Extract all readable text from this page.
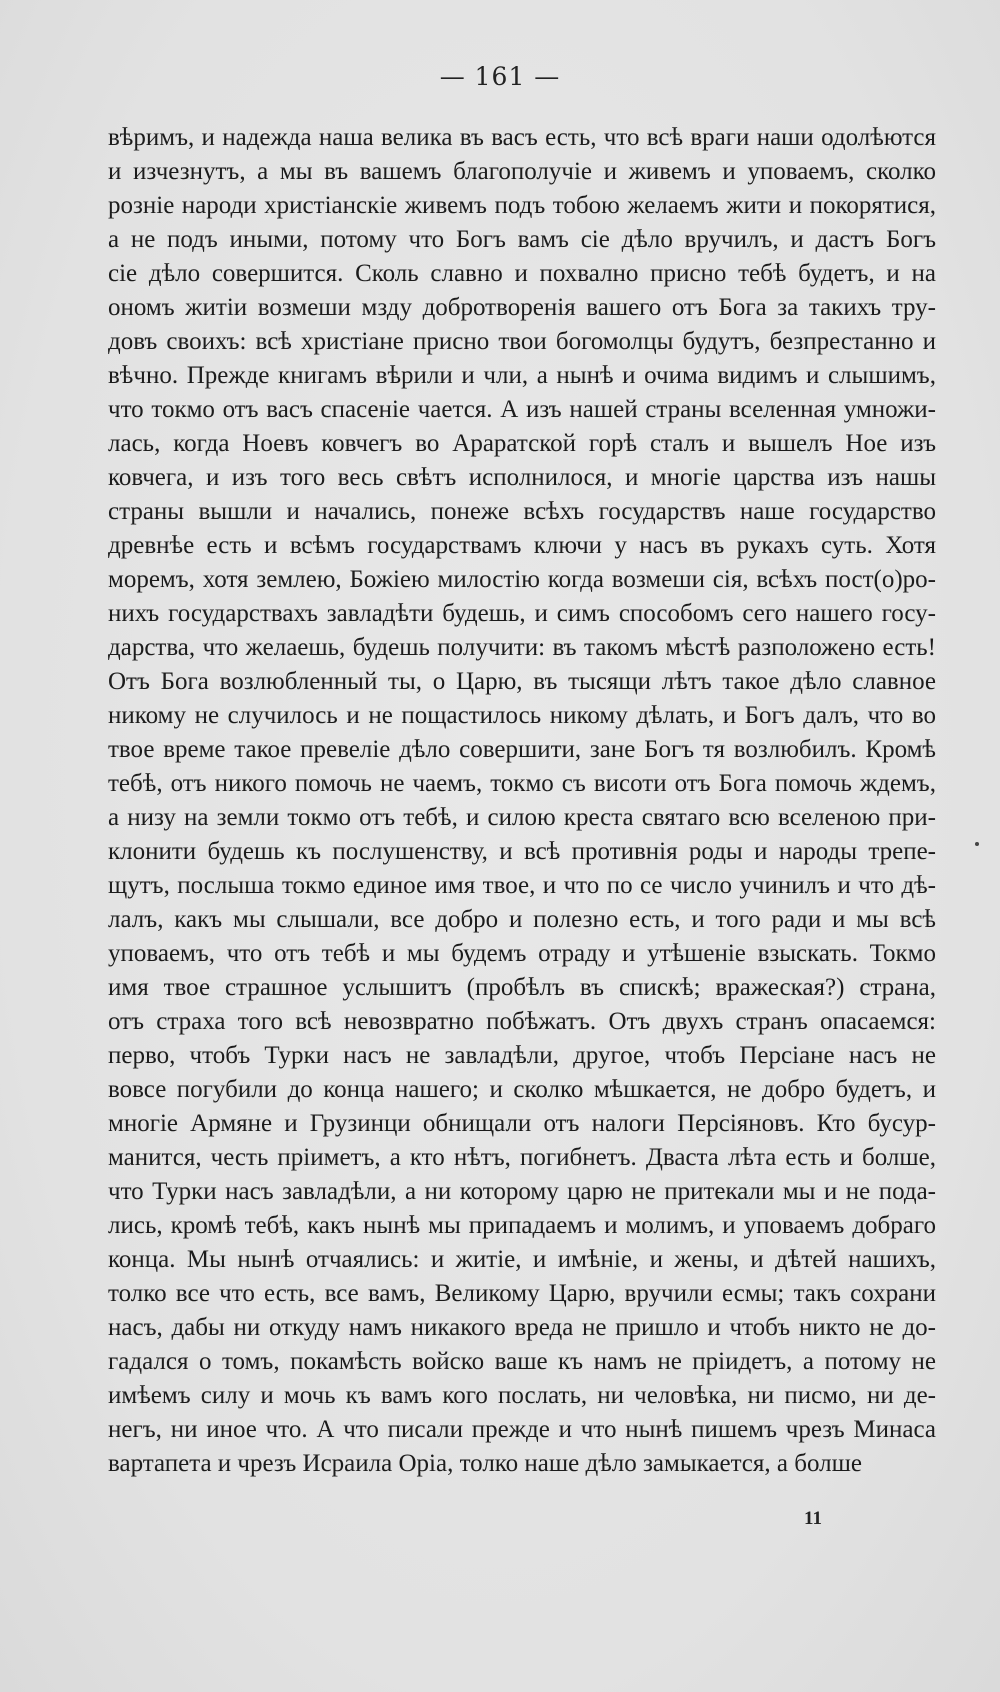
— 161 —
вѣримъ, и надежда наша велика въ васъ есть, что всѣ враги наши одолѣются
и изчезнутъ, а мы въ вашемъ благополучіе и живемъ и уповаемъ, сколко
розніе народи христіанскіе живемъ подъ тобою желаемъ жити и покорятися,
а не подъ иными, потому что Богъ вамъ сіе дѣло вручилъ, и дастъ Богъ
сіе дѣло совершится. Сколь славно и похвално присно тебѣ будетъ, и на
ономъ житіи возмеши мзду добротворенія вашего отъ Бога за такихъ тру-
довъ своихъ: всѣ христіане присно твои богомолцы будутъ, безпрестанно и
вѣчно. Прежде книгамъ вѣрили и чли, а нынѣ и очима видимъ и слышимъ,
что токмо отъ васъ спасеніе чается. А изъ нашей страны вселенная умножи-
лась, когда Ноевъ ковчегъ во Араратской горѣ сталъ и вышелъ Ное изъ
ковчега, и изъ того весь свѣтъ исполнилося, и многіе царства изъ нашы
страны вышли и начались, понеже всѣхъ государствъ наше государство
древнѣе есть и всѣмъ государствамъ ключи у насъ въ рукахъ суть. Хотя
моремъ, хотя землею, Божіею милостію когда возмеши сія, всѣхъ пост(о)ро-
нихъ государствахъ завладѣти будешь, и симъ способомъ сего нашего госу-
дарства, что желаешь, будешь получити: въ такомъ мѣстѣ разположено есть!
Отъ Бога возлюбленный ты, о Царю, въ тысящи лѣтъ такое дѣло славное
никому не случилось и не пощастилось никому дѣлать, и Богъ далъ, что во
твое време такое превеліе дѣло совершити, зане Богъ тя возлюбилъ. Кромѣ
тебѣ, отъ никого помочь не чаемъ, токмо съ висоти отъ Бога помочь ждемъ,
а низу на земли токмо отъ тебѣ, и силою креста святаго всю вселеною при-
клонити будешь къ послушенству, и всѣ противнія роды и народы трепе-
щутъ, послыша токмо единое имя твое, и что по се число учинилъ и что дѣ-
лалъ, какъ мы слышали, все добро и полезно есть, и того ради и мы всѣ
уповаемъ, что отъ тебѣ и мы будемъ отраду и утѣшеніе взыскать. Токмо
имя твое страшное услышитъ (пробѣлъ въ спискѣ; вражеская?) страна,
отъ страха того всѣ невозвратно побѣжатъ. Отъ двухъ странъ опасаемся:
перво, чтобъ Турки насъ не завладѣли, другое, чтобъ Персіане насъ не
вовсе погубили до конца нашего; и сколко мѣшкается, не добро будетъ, и
многіе Армяне и Грузинци обнищали отъ налоги Персіяновъ. Кто бусур-
манится, честь пріиметъ, а кто нѣтъ, погибнетъ. Дваста лѣта есть и болше,
что Турки насъ завладѣли, а ни которому царю не притекали мы и не пода-
лись, кромѣ тебѣ, какъ нынѣ мы припадаемъ и молимъ, и уповаемъ добраго
конца. Мы нынѣ отчаялись: и житіе, и имѣніе, и жены, и дѣтей нашихъ,
толко все что есть, все вамъ, Великому Царю, вручили есмы; такъ сохрани
насъ, дабы ни откуду намъ никакого вреда не пришло и чтобъ никто не до-
гадался о томъ, покамѣсть войско ваше къ намъ не пріидетъ, а потому не
имѣемъ силу и мочь къ вамъ кого послать, ни человѣка, ни писмо, ни де-
негъ, ни иное что. А что писали прежде и что нынѣ пишемъ чрезъ Минаса
вартапета и чрезъ Исраила Оріа, толко наше дѣло замыкается, а болше
11
